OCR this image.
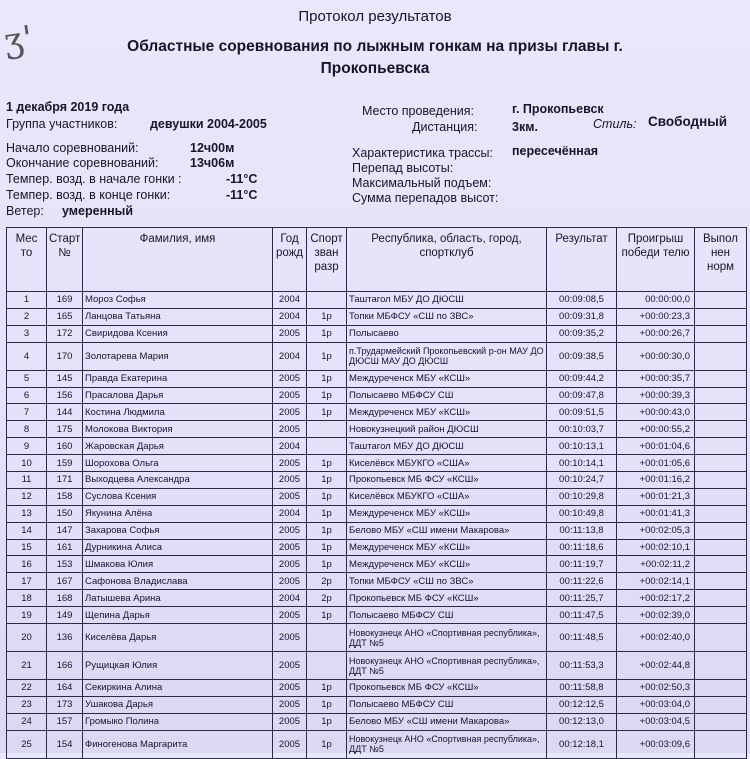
ʒ'
Протокол результатов
Областные соревнования по лыжным гонкам на призы главы г.
Прокопьевска
1 декабря 2019 года
Группа участников:	девушки 2004-2005
Начало соревнований:	12ч00м
Окончание соревнований:	13ч06м
Темпер. возд. в начале гонки :	-11°С
Темпер. возд. в конце гонки:	-11°С
Ветер: умеренный
Место проведения:	г. Прокопьевск
Дистанция:	3км.	Стиль: Свободный
Характеристика трассы: пересечённая
Перепад высоты:
Максимальный подъем:
Сумма перепадов высот:
Мес то	Старт №	Фамилия, имя	Год рожд	Спорт зван разр	Республика, область, город, спортклуб	Результат	Проигрыш победи телю	Выпол нен норм
1	169	Мороз Софья	2004		Таштагол МБУ ДО ДЮСШ	00:09:08,5	00:00:00,0	
2	165	Ланцова Татьяна	2004	1р	Топки МБФСУ «СШ по ЗВС»	00:09:31,8	+00:00:23,3	
3	172	Свиридова Ксения	2005	1р	Полысаево	00:09:35,2	+00:00:26,7	
4	170	Золотарева Мария	2004	1р	п.Трудармейский Прокопьевский р-он МАУ ДО ДЮСШ МАУ ДО ДЮСШ	00:09:38,5	+00:00:30,0	
5	145	Правда Екатерина	2005	1р	Междуреченск МБУ «КСШ»	00:09:44,2	+00:00:35,7	
6	156	Прасалова Дарья	2005	1р	Полысаево МБФСУ СШ	00:09:47,8	+00:00:39,3	
7	144	Костина Людмила	2005	1р	Междуреченск МБУ «КСШ»	00:09:51,5	+00:00:43,0	
8	175	Молокова Виктория	2005		Новокузнецкий район ДЮСШ	00:10:03,7	+00:00:55,2	
9	160	Жаровская Дарья	2004		Таштагол МБУ ДО ДЮСШ	00:10:13,1	+00:01:04,6	
10	159	Шорохова Ольга	2005	1р	Киселёвск МБУКГО «США»	00:10:14,1	+00:01:05,6	
11	171	Выходцева Александра	2005	1р	Прокопьевск МБ ФСУ «КСШ»	00:10:24,7	+00:01:16,2	
12	158	Суслова Ксения	2005	1р	Киселёвск МБУКГО «США»	00:10:29,8	+00:01:21,3	
13	150	Якунина Алёна	2004	1р	Междуреченск МБУ «КСШ»	00:10:49,8	+00:01:41,3	
14	147	Захарова Софья	2005	1р	Белово МБУ «СШ имени Макарова»	00:11:13,8	+00:02:05,3	
15	161	Дурникина Алиса	2005	1р	Междуреченск МБУ «КСШ»	00:11:18,6	+00:02:10,1	
16	153	Шмакова Юлия	2005	1р	Междуреченск МБУ «КСШ»	00:11:19,7	+00:02:11,2	
17	167	Сафонова Владислава	2005	2р	Топки МБФСУ «СШ по ЗВС»	00:11:22,6	+00:02:14,1	
18	168	Латышева Арина	2004	2р	Прокопьевск МБ ФСУ «КСШ»	00:11:25,7	+00:02:17,2	
19	149	Щепина Дарья	2005	1р	Полысаево МБФСУ СШ	00:11:47,5	+00:02:39,0	
20	136	Киселёва Дарья	2005		Новокузнецк АНО «Спортивная республика», ДДТ №5	00:11:48,5	+00:02:40,0	
21	166	Рущицкая Юлия	2005		Новокузнецк АНО «Спортивная республика», ДДТ №5	00:11:53,3	+00:02:44,8	
22	164	Секиркина Алина	2005	1р	Прокопьевск МБ ФСУ «КСШ»	00:11:58,8	+00:02:50,3	
23	173	Ушакова Дарья	2005	1р	Полысаево МБФСУ СШ	00:12:12,5	+00:03:04,0	
24	157	Громыко Полина	2005	1р	Белово МБУ «СШ имени Макарова»	00:12:13,0	+00:03:04,5	
25	154	Финогенова Маргарита	2005	1р	Новокузнецк АНО «Спортивная республика», ДДТ №5	00:12:18,1	+00:03:09,6	
